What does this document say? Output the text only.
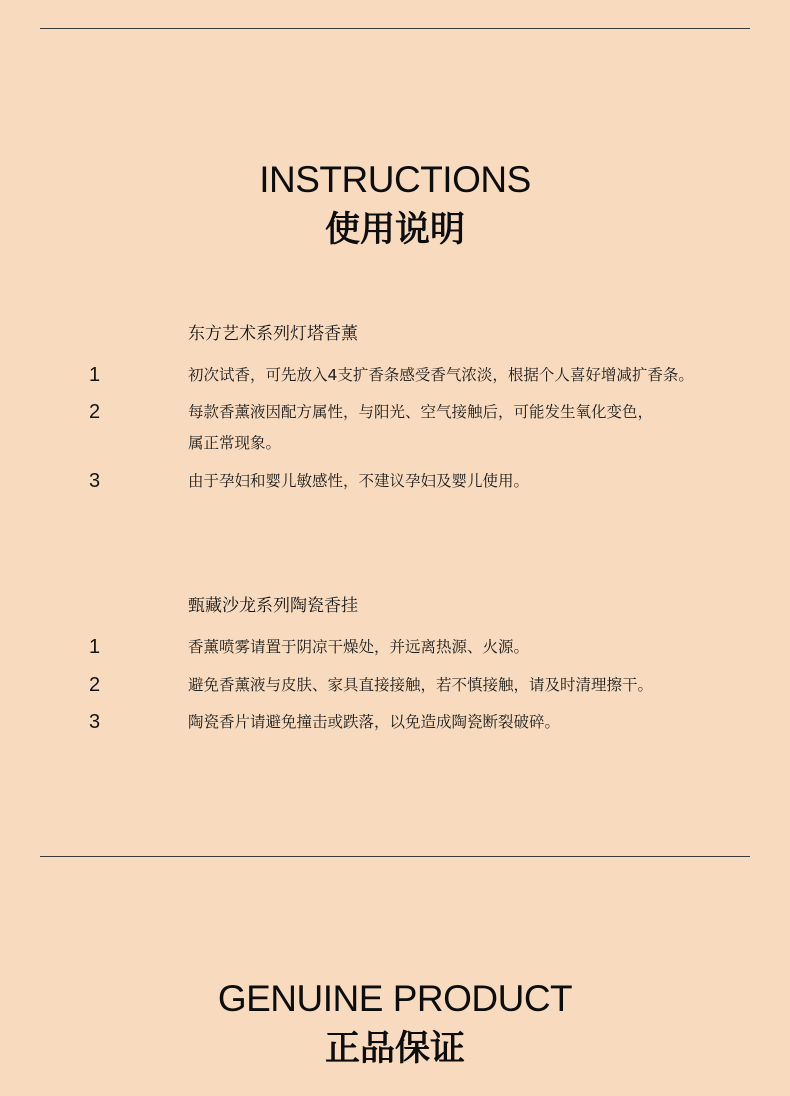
INSTRUCTIONS
使用说明
东方艺术系列灯塔香薰
1	初次试香，可先放入4支扩香条感受香气浓淡，根据个人喜好增减扩香条。
2	每款香薰液因配方属性，与阳光、空气接触后，可能发生氧化变色，
属正常现象。
3	由于孕妇和婴儿敏感性，不建议孕妇及婴儿使用。
甄藏沙龙系列陶瓷香挂
1	香薰喷雾请置于阴凉干燥处，并远离热源、火源。
2	避免香薰液与皮肤、家具直接接触，若不慎接触，请及时清理擦干。
3	陶瓷香片请避免撞击或跌落，以免造成陶瓷断裂破碎。
GENUINE PRODUCT
正品保证
